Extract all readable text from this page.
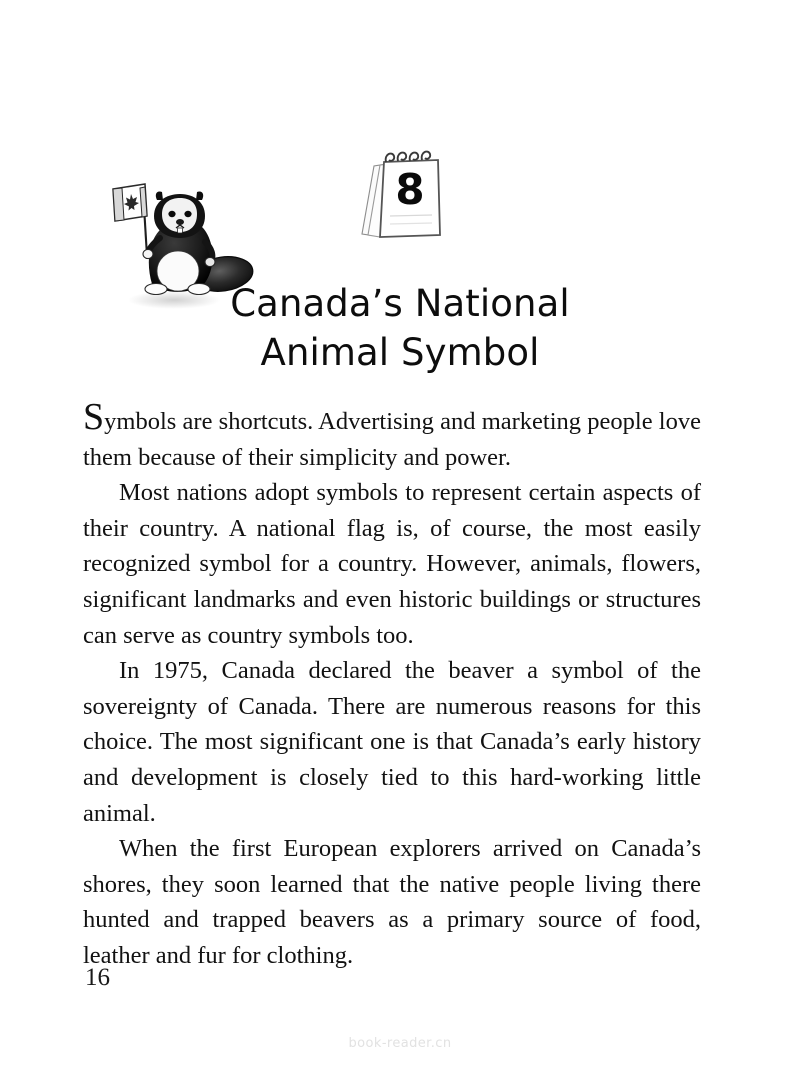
8
Canada’s National
Animal Symbol

Symbols are shortcuts. Advertising and marketing people love them because of their simplicity and power.

Most nations adopt symbols to represent certain aspects of their country. A national flag is, of course, the most easily recognized symbol for a country. However, animals, flowers, significant landmarks and even historic buildings or structures can serve as country symbols too.

In 1975, Canada declared the beaver a symbol of the sovereignty of Canada. There are numerous reasons for this choice. The most significant one is that Canada’s early history and development is closely tied to this hard-working little animal.

When the first European explorers arrived on Canada’s shores, they soon learned that the native people living there hunted and trapped beavers as a primary source of food, leather and fur for clothing.

16
book-reader.cn
